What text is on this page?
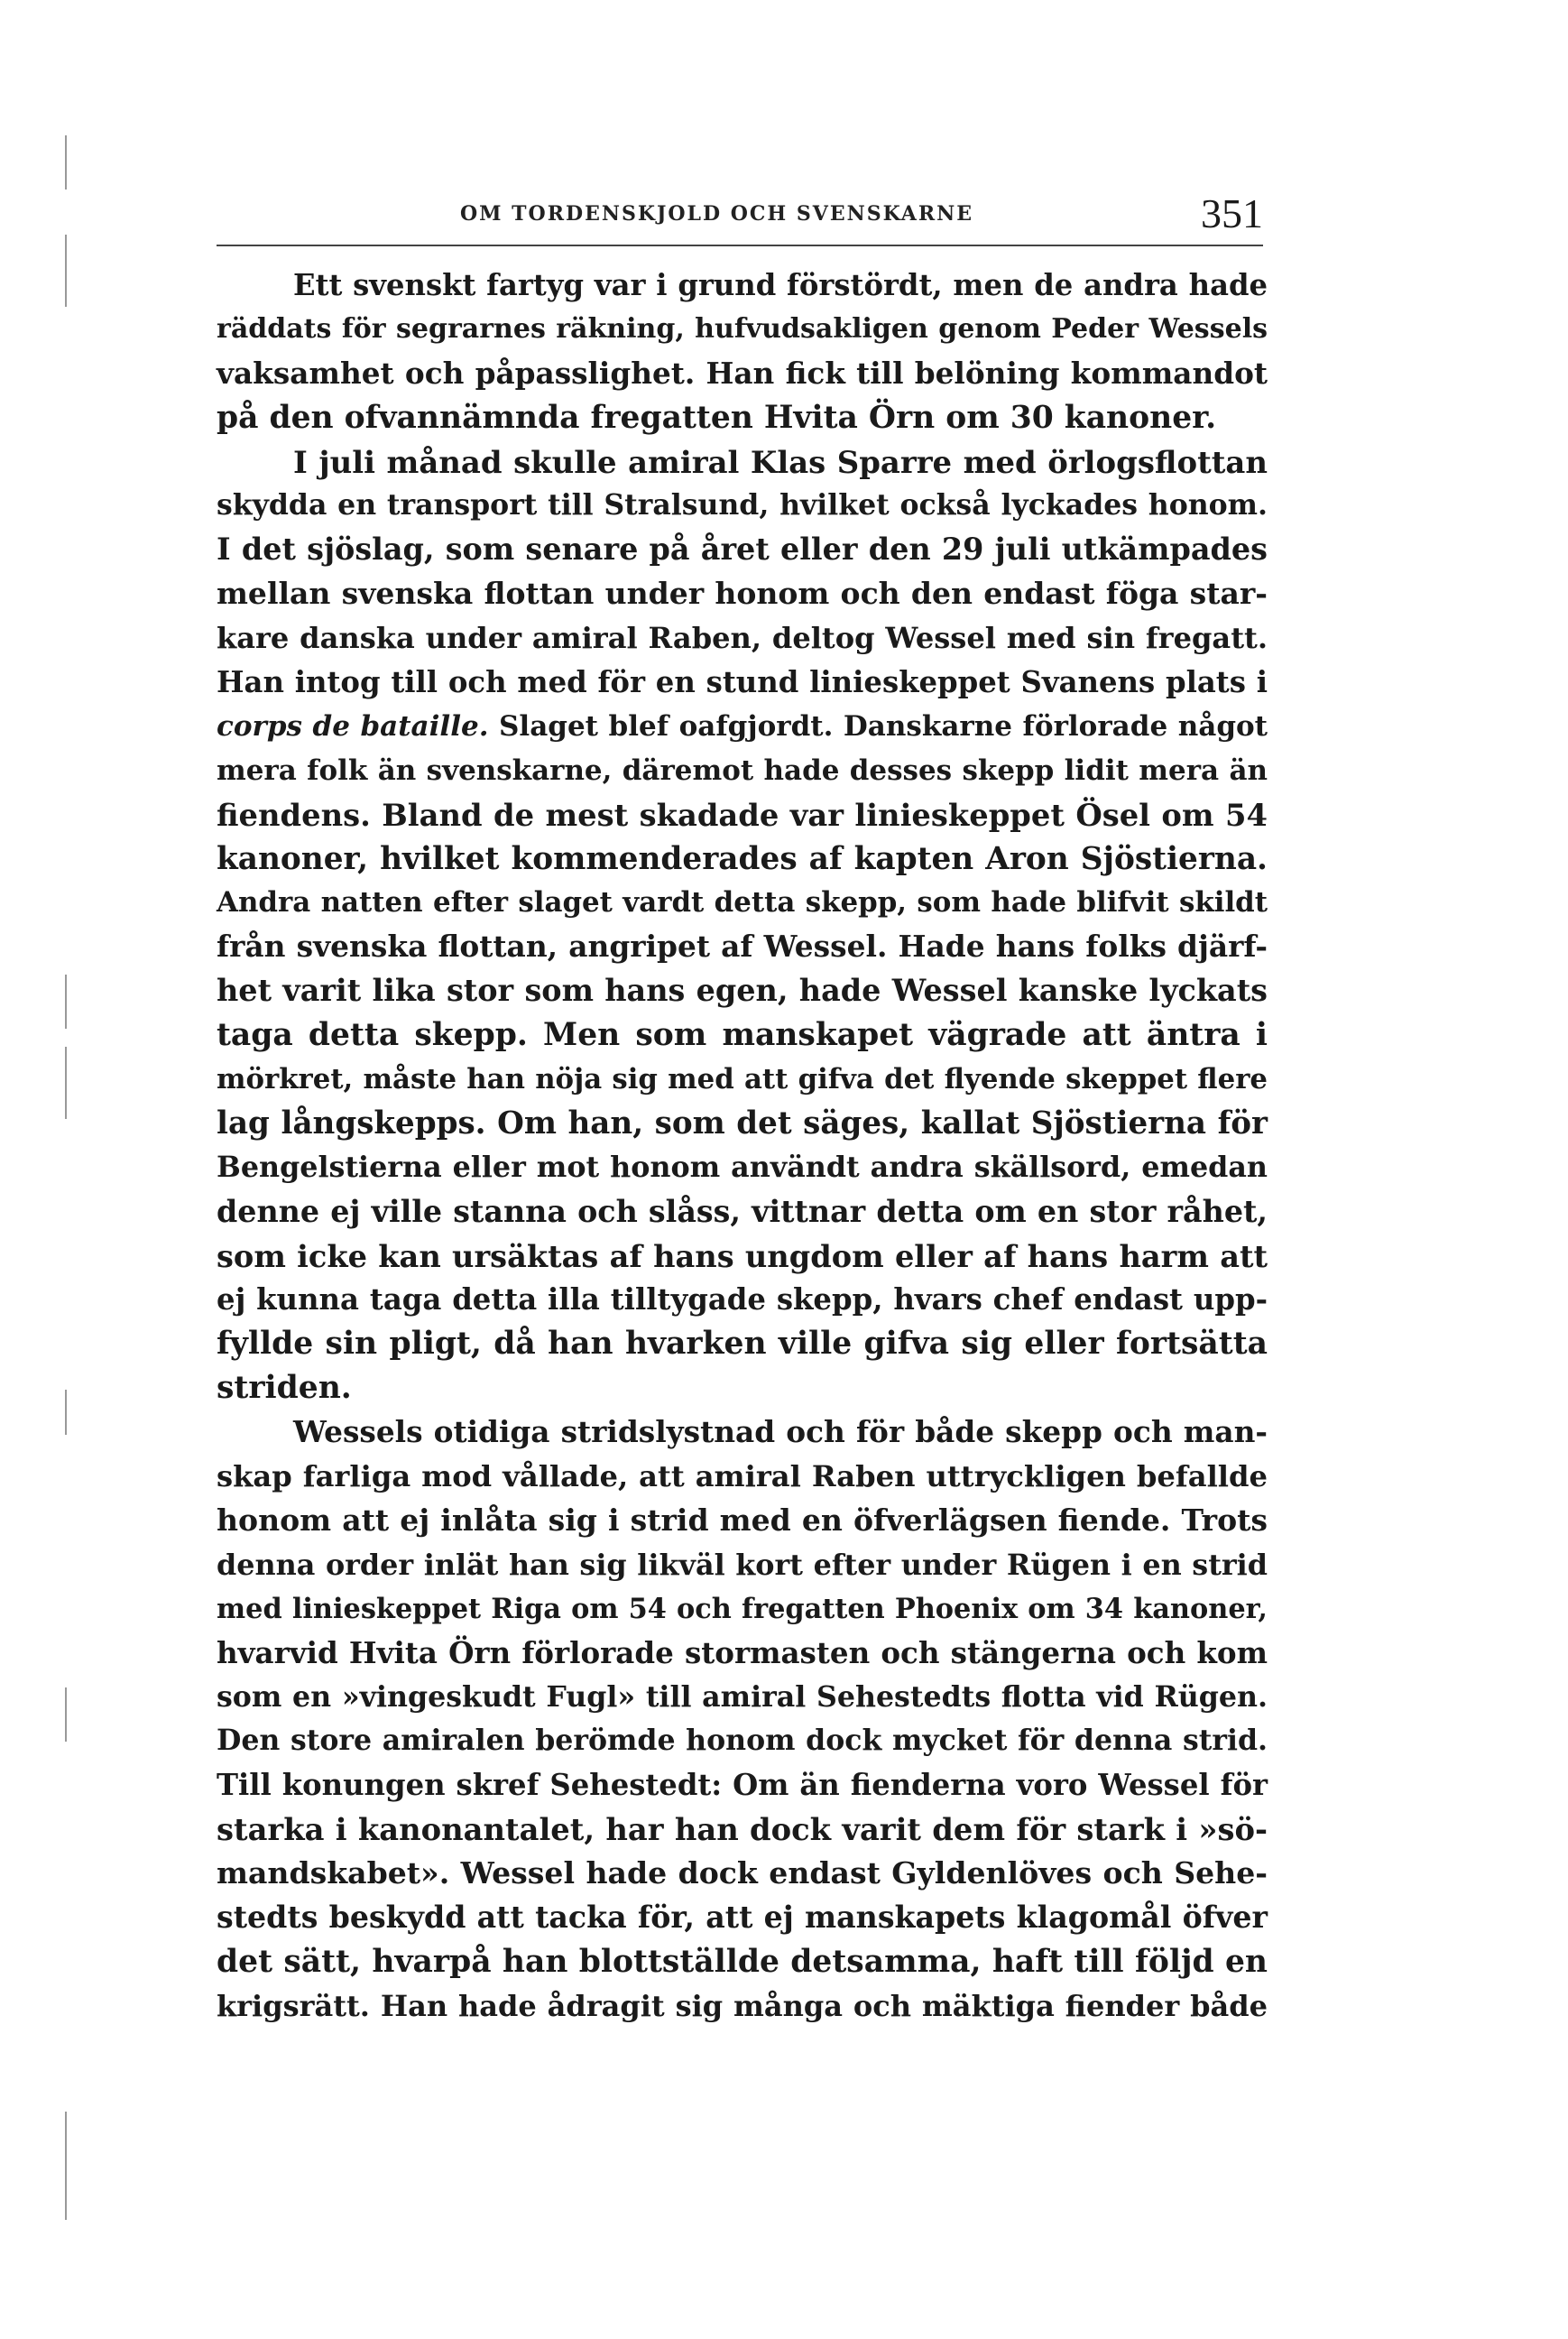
OM TORDENSKJOLD OCH SVENSKARNE	351
Ett svenskt fartyg var i grund förstördt, men de andra hade
räddats för segrarnes räkning, hufvudsakligen genom Peder Wessels
vaksamhet och påpasslighet. Han fick till belöning kommandot
på den ofvannämnda fregatten Hvita Örn om 30 kanoner.
I juli månad skulle amiral Klas Sparre med örlogsflottan
skydda en transport till Stralsund, hvilket också lyckades honom.
I det sjöslag, som senare på året eller den 29 juli utkämpades
mellan svenska flottan under honom och den endast föga star-
kare danska under amiral Raben, deltog Wessel med sin fregatt.
Han intog till och med för en stund linieskeppet Svanens plats i
corps de bataille. Slaget blef oafgjordt. Danskarne förlorade något
mera folk än svenskarne, däremot hade desses skepp lidit mera än
fiendens. Bland de mest skadade var linieskeppet Ösel om 54
kanoner, hvilket kommenderades af kapten Aron Sjöstierna.
Andra natten efter slaget vardt detta skepp, som hade blifvit skildt
från svenska flottan, angripet af Wessel. Hade hans folks djärf-
het varit lika stor som hans egen, hade Wessel kanske lyckats
taga detta skepp. Men som manskapet vägrade att äntra i
mörkret, måste han nöja sig med att gifva det flyende skeppet flere
lag långskepps. Om han, som det säges, kallat Sjöstierna för
Bengelstierna eller mot honom användt andra skällsord, emedan
denne ej ville stanna och slåss, vittnar detta om en stor råhet,
som icke kan ursäktas af hans ungdom eller af hans harm att
ej kunna taga detta illa tilltygade skepp, hvars chef endast upp-
fyllde sin pligt, då han hvarken ville gifva sig eller fortsätta
striden.
Wessels otidiga stridslystnad och för både skepp och man-
skap farliga mod vållade, att amiral Raben uttryckligen befallde
honom att ej inlåta sig i strid med en öfverlägsen fiende. Trots
denna order inlät han sig likväl kort efter under Rügen i en strid
med linieskeppet Riga om 54 och fregatten Phoenix om 34 kanoner,
hvarvid Hvita Örn förlorade stormasten och stängerna och kom
som en »vingeskudt Fugl» till amiral Sehestedts flotta vid Rügen.
Den store amiralen berömde honom dock mycket för denna strid.
Till konungen skref Sehestedt: Om än fienderna voro Wessel för
starka i kanonantalet, har han dock varit dem för stark i »sö-
mandskabet». Wessel hade dock endast Gyldenlöves och Sehe-
stedts beskydd att tacka för, att ej manskapets klagomål öfver
det sätt, hvarpå han blottställde detsamma, haft till följd en
krigsrätt. Han hade ådragit sig många och mäktiga fiender både
